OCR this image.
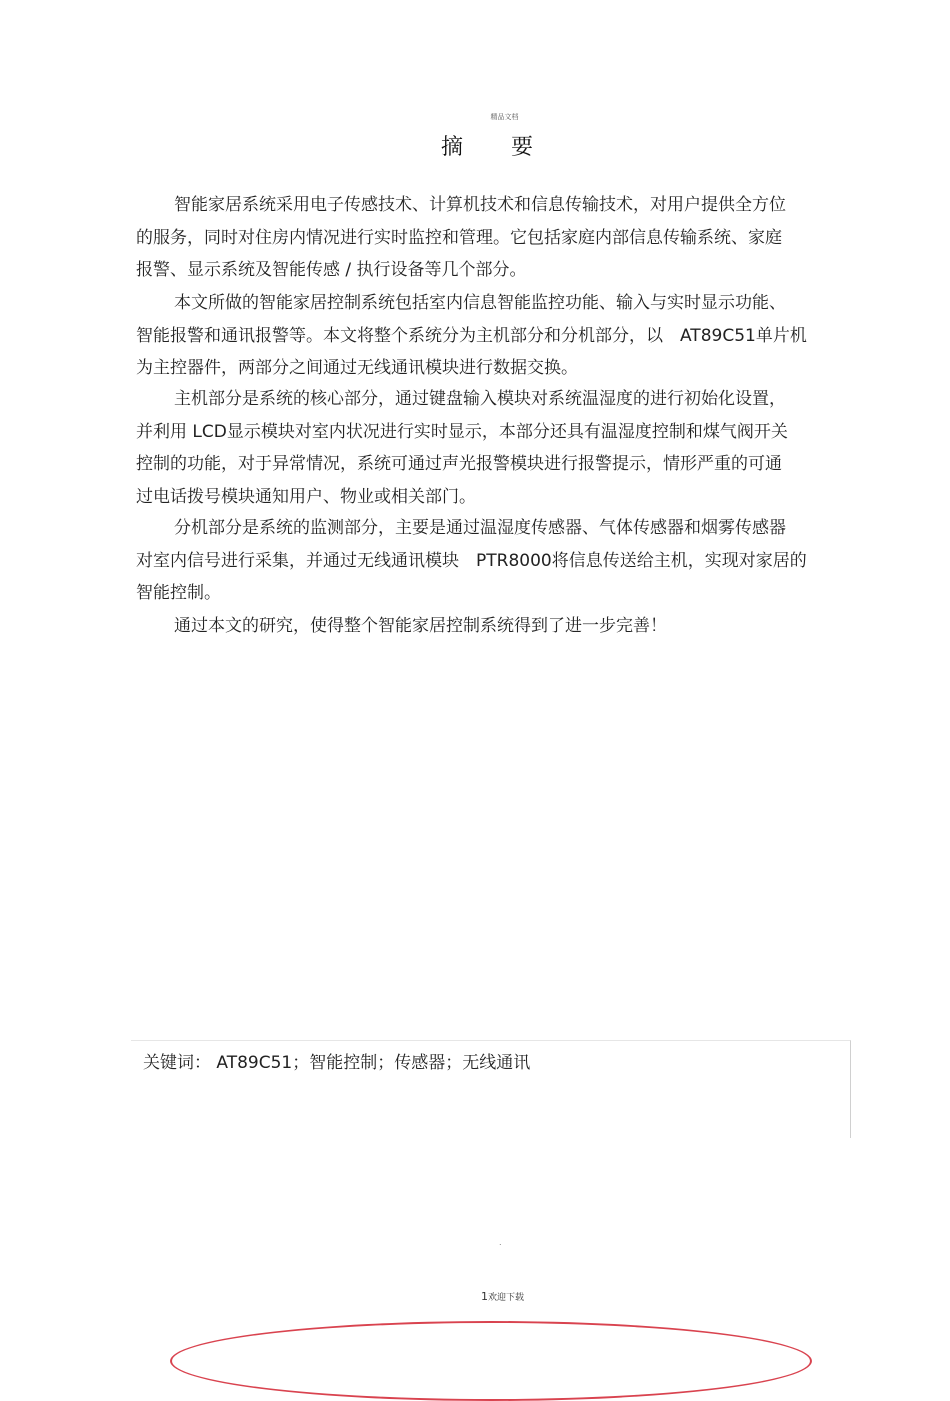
精品文档
摘 要

智能家居系统采用电子传感技术、计算机技术和信息传输技术，对用户提供全方位

的服务，同时对住房内情况进行实时监控和管理。它包括家庭内部信息传输系统、家庭

报警、显示系统及智能传感 / 执行设备等几个部分。

本文所做的智能家居控制系统包括室内信息智能监控功能、输入与实时显示功能、

智能报警和通讯报警等。本文将整个系统分为主机部分和分机部分，以　AT89C51单片机

为主控器件，两部分之间通过无线通讯模块进行数据交换。

主机部分是系统的核心部分，通过键盘输入模块对系统温湿度的进行初始化设置，

并利用 LCD显示模块对室内状况进行实时显示，本部分还具有温湿度控制和煤气阀开关

控制的功能，对于异常情况，系统可通过声光报警模块进行报警提示，情形严重的可通

过电话拨号模块通知用户、物业或相关部门。

分机部分是系统的监测部分，主要是通过温湿度传感器、气体传感器和烟雾传感器

对室内信号进行采集，并通过无线通讯模块　PTR8000将信息传送给主机，实现对家居的

智能控制。

通过本文的研究，使得整个智能家居控制系统得到了进一步完善！

关键词： AT89C51；智能控制；传感器；无线通讯
.
1欢迎下载
